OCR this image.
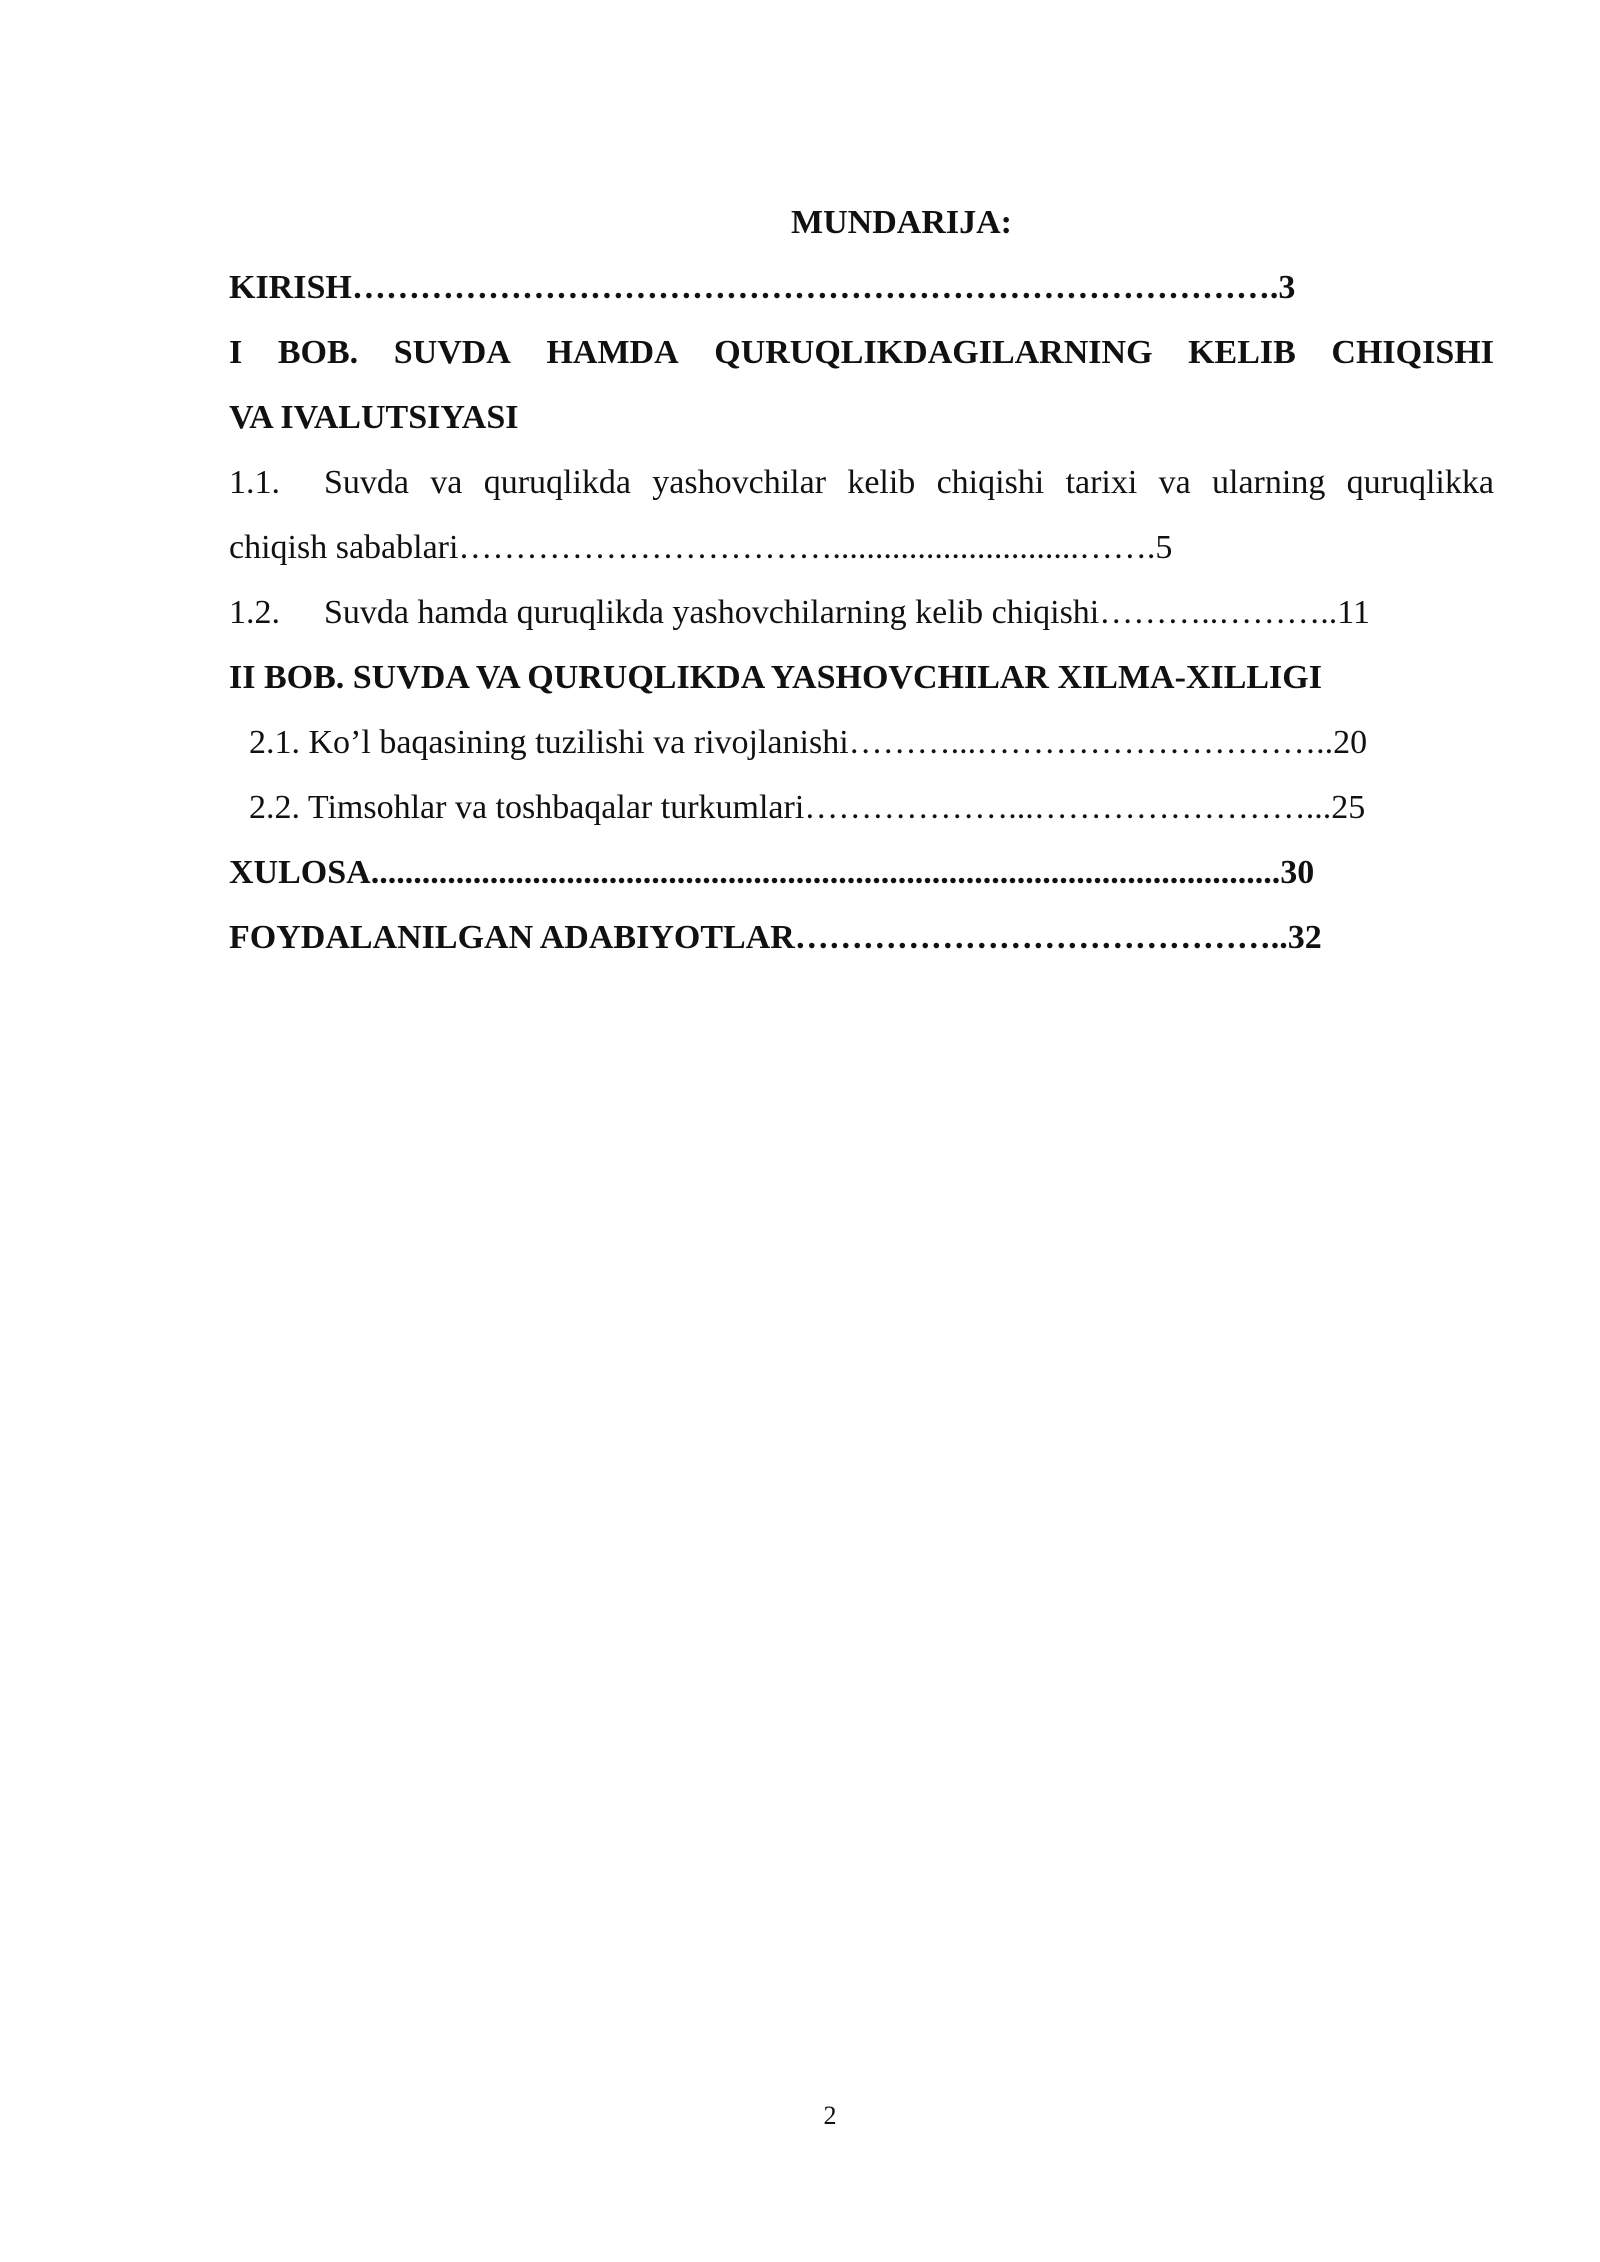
MUNDARIJA:
KIRISH……………………………………………………………………….3
I BOB. SUVDA HAMDA QURUQLIKDAGILARNING KELIB CHIQISHI
VA IVALUTSIYASI
1.1.	Suvda va quruqlikda yashovchilar kelib chiqishi tarixi va ularning quruqlikka
chiqish sabablari…………………………….............................…….5
1.2. Suvda hamda quruqlikda yashovchilarning kelib chiqishi………..………..11
II BOB. SUVDA VA QURUQLIKDA YASHOVCHILAR XILMA-XILLIGI
2.1. Ko’l baqasining tuzilishi va rivojlanishi………...…………………………..20
2.2. Timsohlar va toshbaqalar turkumlari………………...……………………...25
XULOSA...........................................................................................................30
FOYDALANILGAN ADABIYOTLAR……………………………………..32
2
